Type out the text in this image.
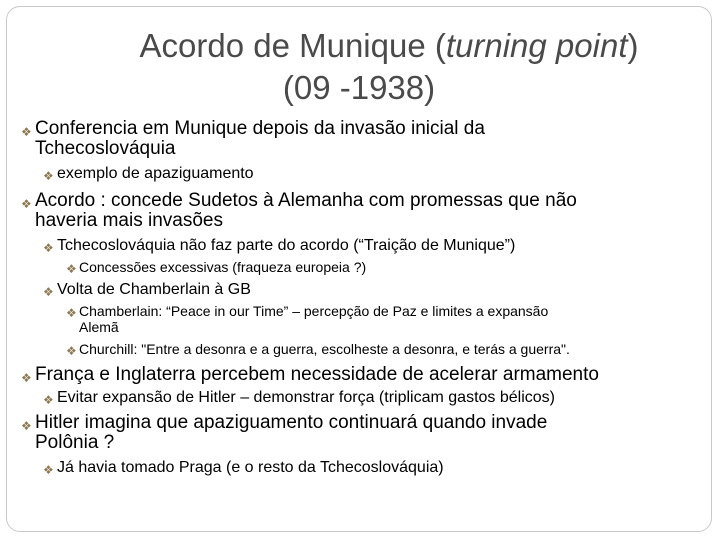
Acordo de Munique (turning point)
(09 -1938)
❖ Conferencia em Munique depois da invasão inicial da
Tchecoslováquia
❖ exemplo de apaziguamento
❖ Acordo : concede Sudetos à Alemanha com promessas que não
haveria mais invasões
❖ Tchecoslováquia não faz parte do acordo (“Traição de Munique”)
❖ Concessões excessivas (fraqueza europeia ?)
❖ Volta de Chamberlain à GB
❖ Chamberlain: “Peace in our Time” – percepção de Paz e limites a expansão
Alemã
❖ Churchill: "Entre a desonra e a guerra, escolheste a desonra, e terás a guerra".
❖ França e Inglaterra percebem necessidade de acelerar armamento
❖ Evitar expansão de Hitler – demonstrar força (triplicam gastos bélicos)
❖ Hitler imagina que apaziguamento continuará quando invade
Polônia ?
❖ Já havia tomado Praga (e o resto da Tchecoslováquia)
